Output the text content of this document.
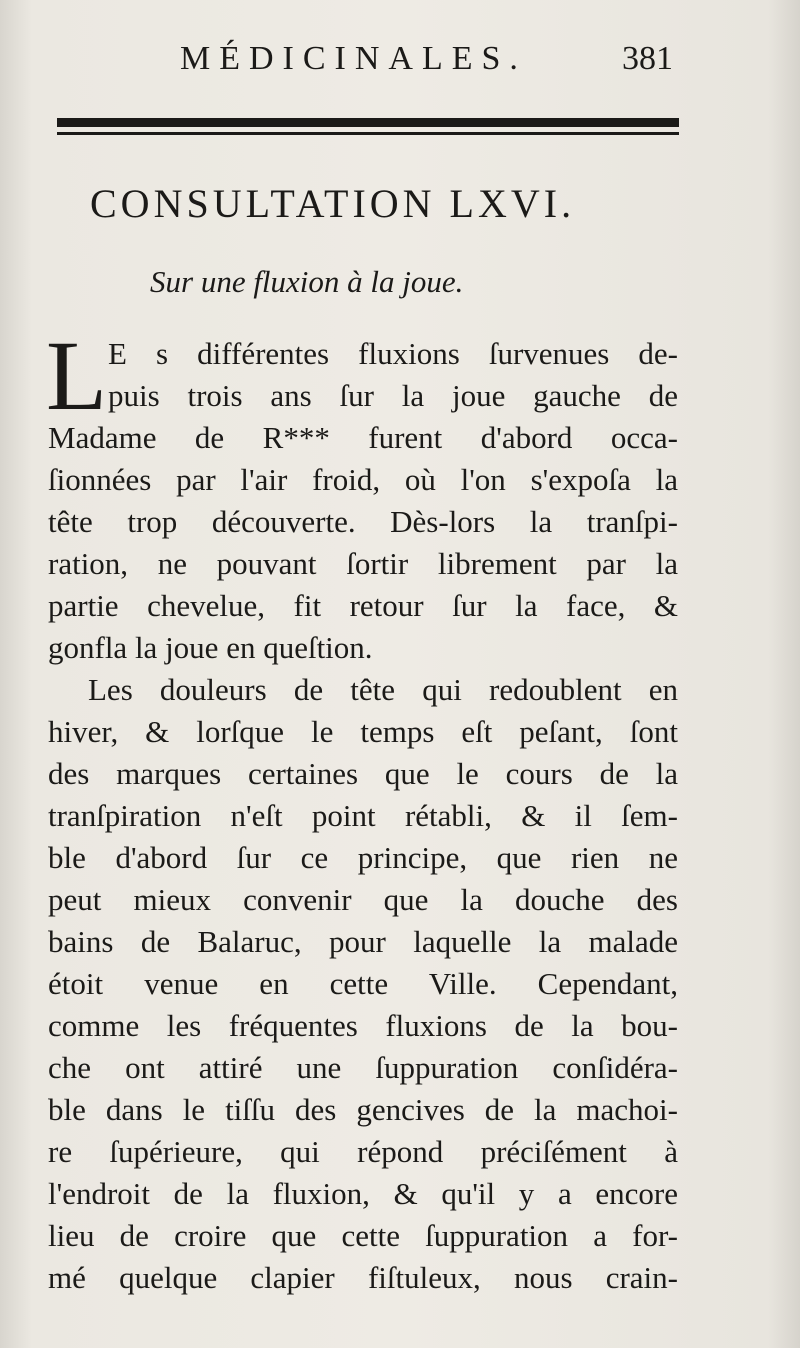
MÉDICINALES.	381
CONSULTATION LXVI.
Sur une fluxion à la joue.
L E s différentes fluxions ſurvenues de-
puis trois ans ſur la joue gauche de
Madame de R*** furent d'abord occa-
ſionnées par l'air froid, où l'on s'expoſa la
tête trop découverte. Dès-lors la tranſpi-
ration, ne pouvant ſortir librement par la
partie chevelue, fit retour ſur la face, &
gonfla la joue en queſtion.
Les douleurs de tête qui redoublent en
hiver, & lorſque le temps eſt peſant, ſont
des marques certaines que le cours de la
tranſpiration n'eſt point rétabli, & il ſem-
ble d'abord ſur ce principe, que rien ne
peut mieux convenir que la douche des
bains de Balaruc, pour laquelle la malade
étoit venue en cette Ville. Cependant,
comme les fréquentes fluxions de la bou-
che ont attiré une ſuppuration conſidéra-
ble dans le tiſſu des gencives de la machoi-
re ſupérieure, qui répond préciſément à
l'endroit de la fluxion, & qu'il y a encore
lieu de croire que cette ſuppuration a for-
mé quelque clapier fiſtuleux, nous crain-
